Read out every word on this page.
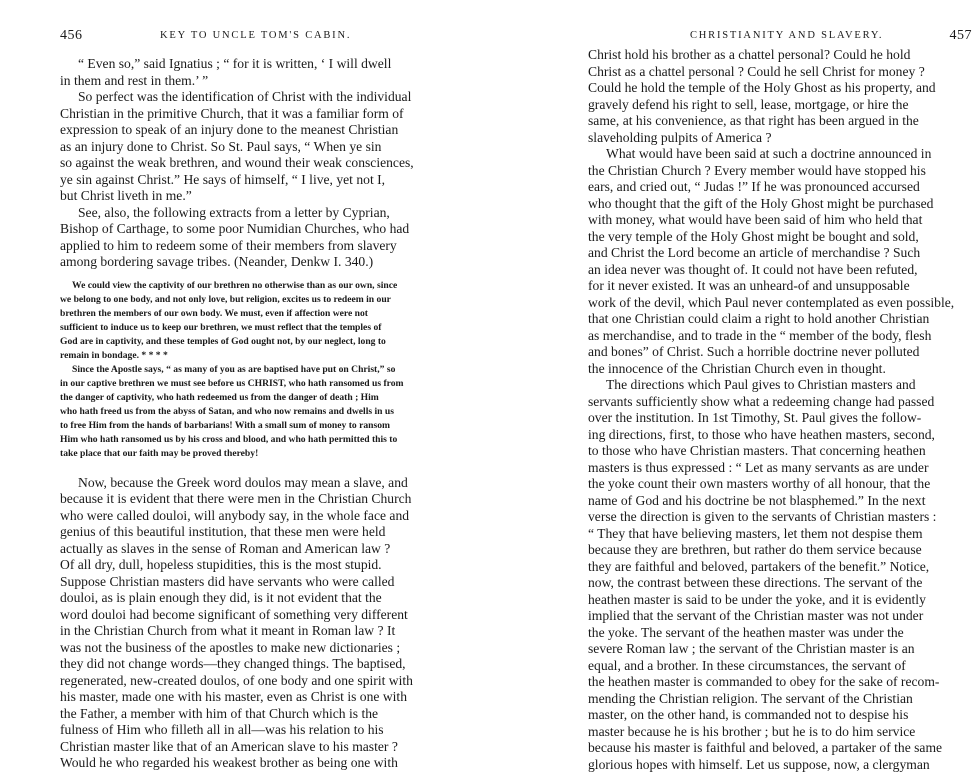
456	KEY TO UNCLE TOM'S CABIN.
“ Even so,” said Ignatius ; “ for it is written, ‘ I will dwell
in them and rest in them.’ ”
So perfect was the identification of Christ with the individual
Christian in the primitive Church, that it was a familiar form of
expression to speak of an injury done to the meanest Christian
as an injury done to Christ. So St. Paul says, “ When ye sin
so against the weak brethren, and wound their weak consciences,
ye sin against Christ.” He says of himself, “ I live, yet not I,
but Christ liveth in me.”
See, also, the following extracts from a letter by Cyprian,
Bishop of Carthage, to some poor Numidian Churches, who had
applied to him to redeem some of their members from slavery
among bordering savage tribes. (Neander, Denkw I. 340.)
We could view the captivity of our brethren no otherwise than as our own, since
we belong to one body, and not only love, but religion, excites us to redeem in our
brethren the members of our own body. We must, even if affection were not
sufficient to induce us to keep our brethren, we must reflect that the temples of
God are in captivity, and these temples of God ought not, by our neglect, long to
remain in bondage. * * * *
Since the Apostle says, “ as many of you as are baptised have put on Christ,” so
in our captive brethren we must see before us CHRIST, who hath ransomed us from
the danger of captivity, who hath redeemed us from the danger of death ; Him
who hath freed us from the abyss of Satan, and who now remains and dwells in us
to free Him from the hands of barbarians! With a small sum of money to ransom
Him who hath ransomed us by his cross and blood, and who hath permitted this to
take place that our faith may be proved thereby!
Now, because the Greek word doulos may mean a slave, and
because it is evident that there were men in the Christian Church
who were called douloi, will anybody say, in the whole face and
genius of this beautiful institution, that these men were held
actually as slaves in the sense of Roman and American law ?
Of all dry, dull, hopeless stupidities, this is the most stupid.
Suppose Christian masters did have servants who were called
douloi, as is plain enough they did, is it not evident that the
word douloi had become significant of something very different
in the Christian Church from what it meant in Roman law ? It
was not the business of the apostles to make new dictionaries ;
they did not change words—they changed things. The baptised,
regenerated, new-created doulos, of one body and one spirit with
his master, made one with his master, even as Christ is one with
the Father, a member with him of that Church which is the
fulness of Him who filleth all in all—was his relation to his
Christian master like that of an American slave to his master ?
Would he who regarded his weakest brother as being one with
457
CHRISTIANITY AND SLAVERY.
Christ hold his brother as a chattel personal? Could he hold
Christ as a chattel personal ? Could he sell Christ for money ?
Could he hold the temple of the Holy Ghost as his property, and
gravely defend his right to sell, lease, mortgage, or hire the
same, at his convenience, as that right has been argued in the
slaveholding pulpits of America ?
What would have been said at such a doctrine announced in
the Christian Church ? Every member would have stopped his
ears, and cried out, “ Judas !” If he was pronounced accursed
who thought that the gift of the Holy Ghost might be purchased
with money, what would have been said of him who held that
the very temple of the Holy Ghost might be bought and sold,
and Christ the Lord become an article of merchandise ? Such
an idea never was thought of. It could not have been refuted,
for it never existed. It was an unheard-of and unsupposable
work of the devil, which Paul never contemplated as even possible,
that one Christian could claim a right to hold another Christian
as merchandise, and to trade in the “ member of the body, flesh
and bones” of Christ. Such a horrible doctrine never polluted
the innocence of the Christian Church even in thought.
The directions which Paul gives to Christian masters and
servants sufficiently show what a redeeming change had passed
over the institution. In 1st Timothy, St. Paul gives the follow-
ing directions, first, to those who have heathen masters, second,
to those who have Christian masters. That concerning heathen
masters is thus expressed : “ Let as many servants as are under
the yoke count their own masters worthy of all honour, that the
name of God and his doctrine be not blasphemed.” In the next
verse the direction is given to the servants of Christian masters :
“ They that have believing masters, let them not despise them
because they are brethren, but rather do them service because
they are faithful and beloved, partakers of the benefit.” Notice,
now, the contrast between these directions. The servant of the
heathen master is said to be under the yoke, and it is evidently
implied that the servant of the Christian master was not under
the yoke. The servant of the heathen master was under the
severe Roman law ; the servant of the Christian master is an
equal, and a brother. In these circumstances, the servant of
the heathen master is commanded to obey for the sake of recom-
mending the Christian religion. The servant of the Christian
master, on the other hand, is commanded not to despise his
master because he is his brother ; but he is to do him service
because his master is faithful and beloved, a partaker of the same
glorious hopes with himself. Let us suppose, now, a clergyman
